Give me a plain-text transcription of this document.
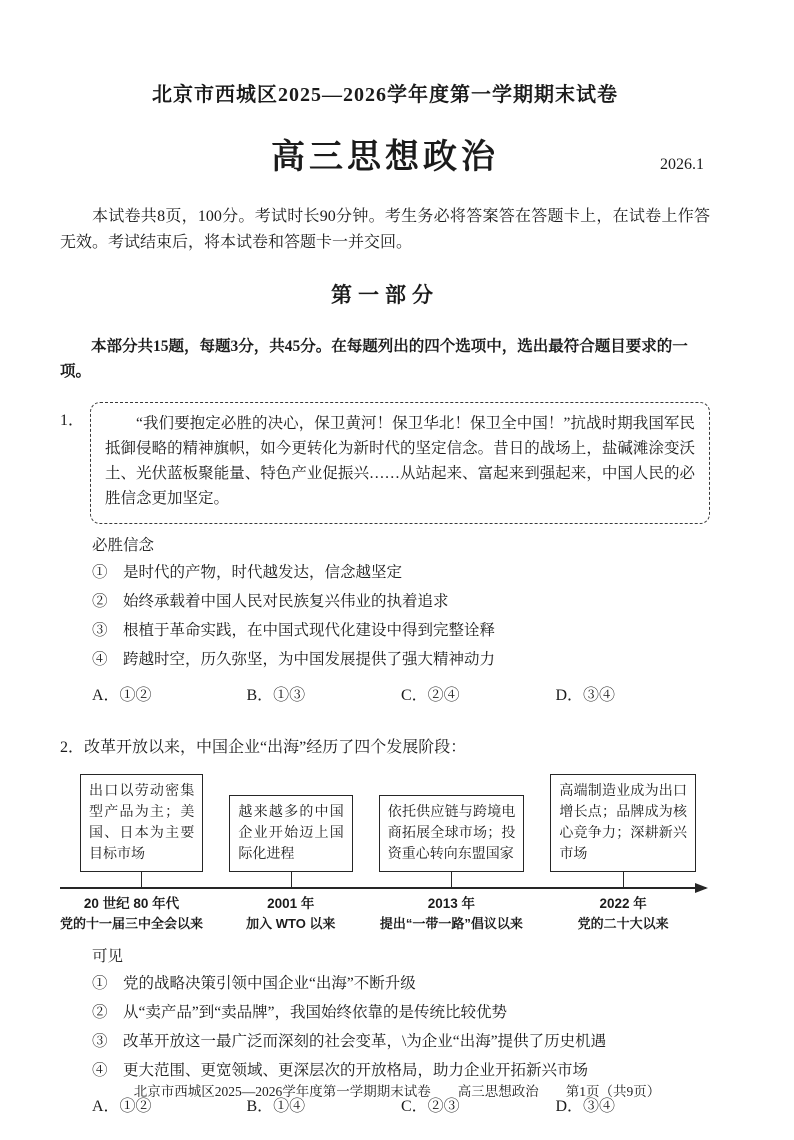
北京市西城区2025—2026学年度第一学期期末试卷
高三思想政治	2026.1

本试卷共8页，100分。考试时长90分钟。考生务必将答案答在答题卡上，在试卷上作答无效。考试结束后，将本试卷和答题卡一并交回。

第一部分

本部分共15题，每题3分，共45分。在每题列出的四个选项中，选出最符合题目要求的一项。

1．	“我们要抱定必胜的决心，保卫黄河！保卫华北！保卫全中国！”抗战时期我国军民抵御侵略的精神旗帜，如今更转化为新时代的坚定信念。昔日的战场上，盐碱滩涂变沃土、光伏蓝板聚能量、特色产业促振兴……从站起来、富起来到强起来，中国人民的必胜信念更加坚定。

必胜信念

①　是时代的产物，时代越发达，信念越坚定

②　始终承载着中国人民对民族复兴伟业的执着追求

③　根植于革命实践，在中国式现代化建设中得到完整诠释

④　跨越时空，历久弥坚，为中国发展提供了强大精神动力

A．①②	B．①③	C．②④	D．③④

2．改革开放以来，中国企业“出海”经历了四个发展阶段：

出口以劳动密集型产品为主；美国、日本为主要目标市场
越来越多的中国企业开始迈上国际化进程
依托供应链与跨境电商拓展全球市场；投资重心转向东盟国家
高端制造业成为出口增长点；品牌成为核心竞争力；深耕新兴市场
20 世纪 80 年代
党的十一届三中全会以来
2001 年
加入 WTO 以来
2013 年
提出“一带一路”倡议以来
2022 年
党的二十大以来

可见

①　党的战略决策引领中国企业“出海”不断升级

②　从“卖产品”到“卖品牌”，我国始终依靠的是传统比较优势

③　改革开放这一最广泛而深刻的社会变革，\为企业“出海”提供了历史机遇

④　更大范围、更宽领域、更深层次的开放格局，助力企业开拓新兴市场

A．①②	B．①④	C．②③	D．③④
北京市西城区2025—2026学年度第一学期期末试卷　　高三思想政治　　第1页（共9页）
